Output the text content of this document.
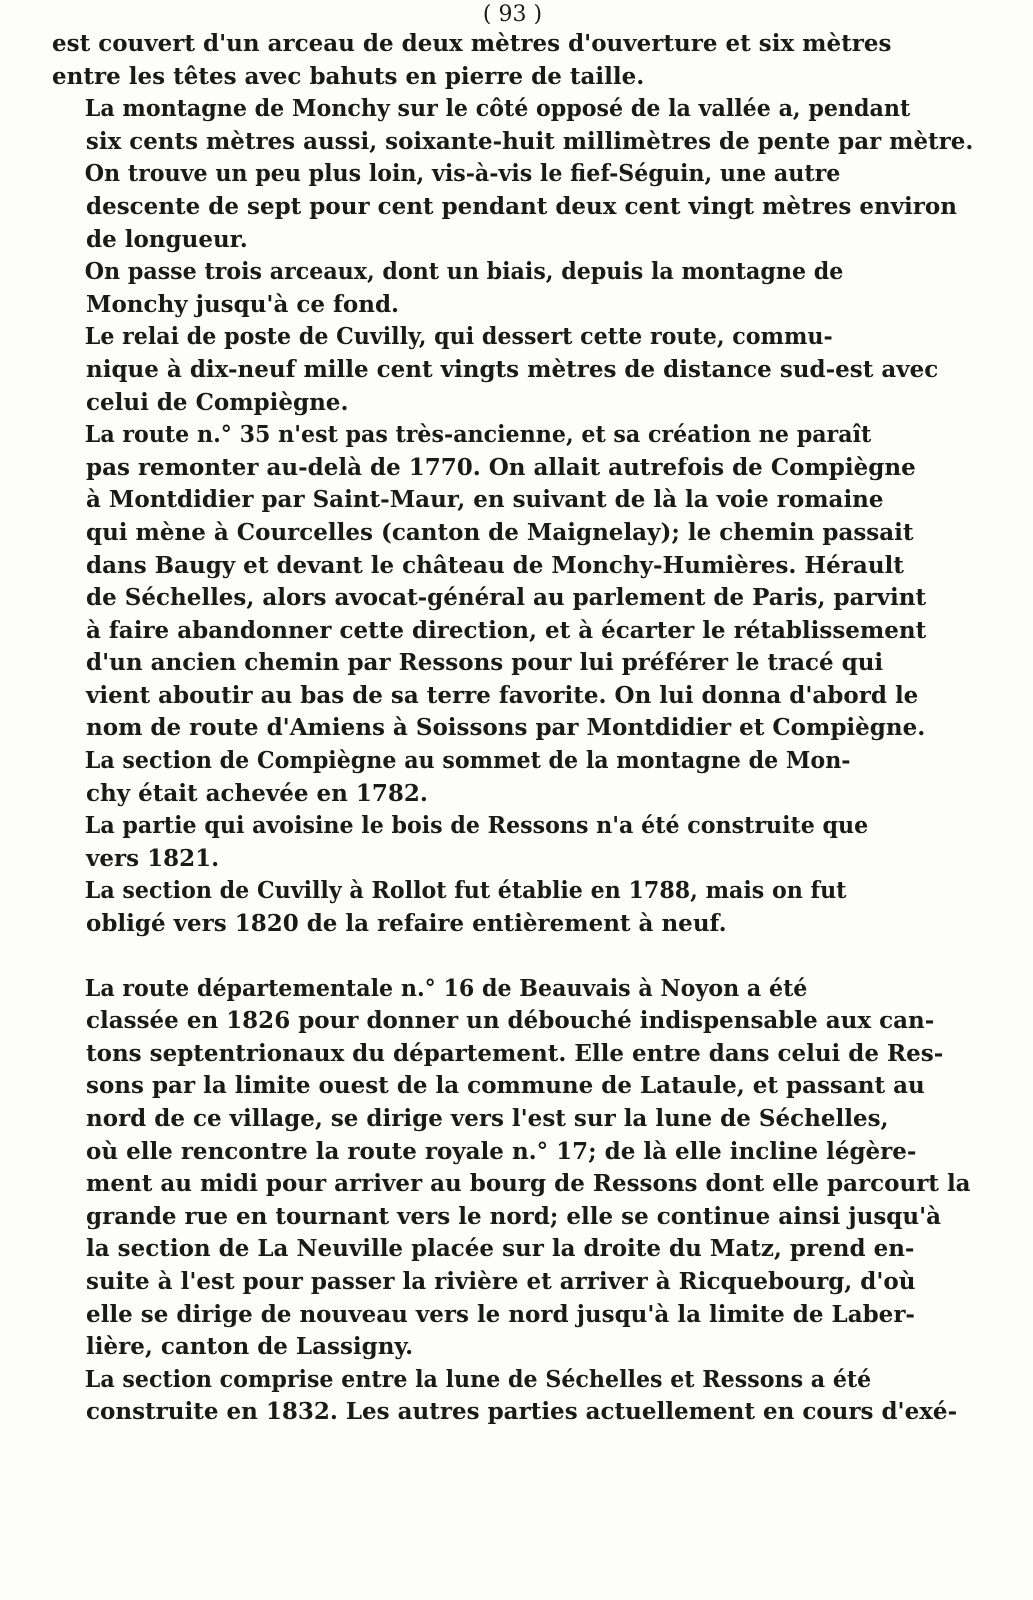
( 93 )

est couvert d'un arceau de deux mètres d'ouverture et six mètres
entre les têtes avec bahuts en pierre de taille.

La montagne de Monchy sur le côté opposé de la vallée a, pendant
six cents mètres aussi, soixante-huit millimètres de pente par mètre.

On trouve un peu plus loin, vis-à-vis le fief-Séguin, une autre
descente de sept pour cent pendant deux cent vingt mètres environ
de longueur.

On passe trois arceaux, dont un biais, depuis la montagne de
Monchy jusqu'à ce fond.

Le relai de poste de Cuvilly, qui dessert cette route, commu-
nique à dix-neuf mille cent vingts mètres de distance sud-est avec
celui de Compiègne.

La route n.° 35 n'est pas très-ancienne, et sa création ne paraît
pas remonter au-delà de 1770. On allait autrefois de Compiègne
à Montdidier par Saint-Maur, en suivant de là la voie romaine
qui mène à Courcelles (canton de Maignelay); le chemin passait
dans Baugy et devant le château de Monchy-Humières. Hérault
de Séchelles, alors avocat-général au parlement de Paris, parvint
à faire abandonner cette direction, et à écarter le rétablissement
d'un ancien chemin par Ressons pour lui préférer le tracé qui
vient aboutir au bas de sa terre favorite. On lui donna d'abord le
nom de route d'Amiens à Soissons par Montdidier et Compiègne.

La section de Compiègne au sommet de la montagne de Mon-
chy était achevée en 1782.

La partie qui avoisine le bois de Ressons n'a été construite que
vers 1821.

La section de Cuvilly à Rollot fut établie en 1788, mais on fut
obligé vers 1820 de la refaire entièrement à neuf.

La route départementale n.° 16 de Beauvais à Noyon a été
classée en 1826 pour donner un débouché indispensable aux can-
tons septentrionaux du département. Elle entre dans celui de Res-
sons par la limite ouest de la commune de Lataule, et passant au
nord de ce village, se dirige vers l'est sur la lune de Séchelles,
où elle rencontre la route royale n.° 17; de là elle incline légère-
ment au midi pour arriver au bourg de Ressons dont elle parcourt la
grande rue en tournant vers le nord; elle se continue ainsi jusqu'à
la section de La Neuville placée sur la droite du Matz, prend en-
suite à l'est pour passer la rivière et arriver à Ricquebourg, d'où
elle se dirige de nouveau vers le nord jusqu'à la limite de Laber-
lière, canton de Lassigny.

La section comprise entre la lune de Séchelles et Ressons a été
construite en 1832. Les autres parties actuellement en cours d'exé-
